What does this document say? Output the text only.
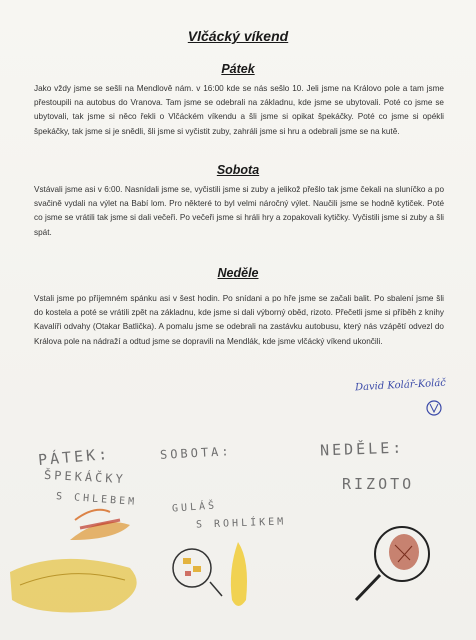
Vlčácký víkend
Pátek
Jako vždy jsme se sešli na Mendlově nám. v 16:00 kde se nás sešlo 10. Jeli jsme na Královo pole a tam jsme přestoupili na autobus do Vranova. Tam jsme se odebrali na základnu, kde jsme se ubytovali. Poté co jsme se ubytovali, tak jsme si něco řekli o Vlčáckém víkendu a šli jsme si opikat špekáčky. Poté co jsme si opékli špekáčky, tak jsme si je snědli, šli jsme si vyčistit zuby, zahráli jsme si hru a odebrali jsme se na kutě.
Sobota
Vstávali jsme asi v 6:00. Nasnídali jsme se, vyčistili jsme si zuby a jelikož přešlo tak jsme čekali na sluníčko a po svačině vydali na výlet na Babí lom. Pro některé to byl velmi náročný výlet. Naučili jsme se hodně kytiček. Poté co jsme se vrátili tak jsme si dali večeři. Po večeři jsme si hráli hry a zopakovali kytičky. Vyčistili jsme si zuby a šli spát.
Neděle
Vstali jsme po příjemném spánku asi v šest hodin. Po snídani a po hře jsme se začali balit. Po sbalení jsme šli do kostela a poté se vrátili zpět na základnu, kde jsme si dali výborný oběd, rizoto. Přečetli jsme si příběh z knihy Kavalíři odvahy (Otakar Batlička). A pomalu jsme se odebrali na zastávku autobusu, který nás vzápětí odvezl do Králova pole na nádraží a odtud jsme se dopravili na Mendlák, kde jsme vlčácký víkend ukončili.
David Kolář-Koláč
PÁTEK:
ŠPEKÁČKY
S CHLEBEM
SOBOTA:
GULÁŠ
S ROHLÍKEM
NEDĚLE:
RIZOTO
